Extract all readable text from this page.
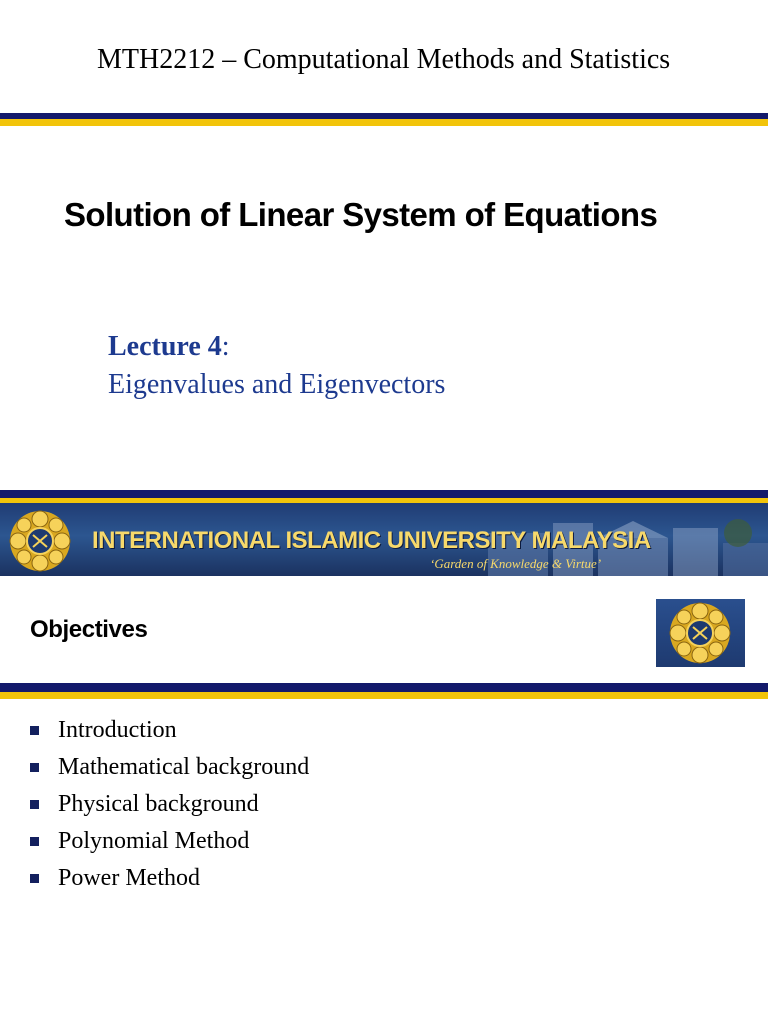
MTH2212 – Computational Methods and Statistics
Solution of Linear System of Equations
Lecture 4:
Eigenvalues and Eigenvectors
INTERNATIONAL ISLAMIC UNIVERSITY MALAYSIA
‘Garden of Knowledge & Virtue’
Objectives
Introduction
Mathematical background
Physical background
Polynomial Method
Power Method
